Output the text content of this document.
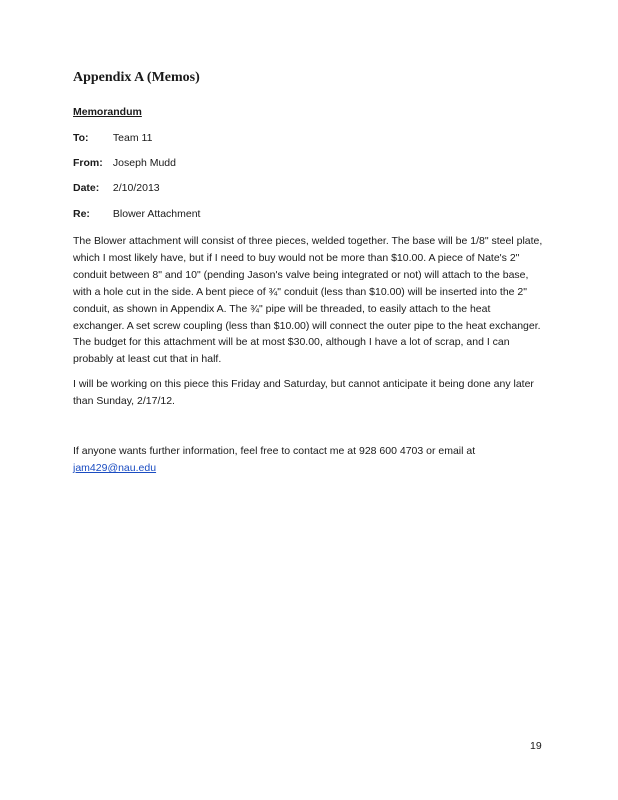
Appendix A (Memos)

Memorandum

To: Team 11
From: Joseph Mudd
Date: 2/10/2013
Re: Blower Attachment

The Blower attachment will consist of three pieces, welded together. The base will be 1/8" steel plate, which I most likely have, but if I need to buy would not be more than $10.00. A piece of Nate's 2" conduit between 8" and 10" (pending Jason's valve being integrated or not) will attach to the base, with a hole cut in the side. A bent piece of ¾" conduit (less than $10.00) will be inserted into the 2" conduit, as shown in Appendix A. The ¾" pipe will be threaded, to easily attach to the heat exchanger. A set screw coupling (less than $10.00) will connect the outer pipe to the heat exchanger.

The budget for this attachment will be at most $30.00, although I have a lot of scrap, and I can probably at least cut that in half.

I will be working on this piece this Friday and Saturday, but cannot anticipate it being done any later than Sunday, 2/17/12.

If anyone wants further information, feel free to contact me at 928 600 4703 or email at
jam429@nau.edu

19
